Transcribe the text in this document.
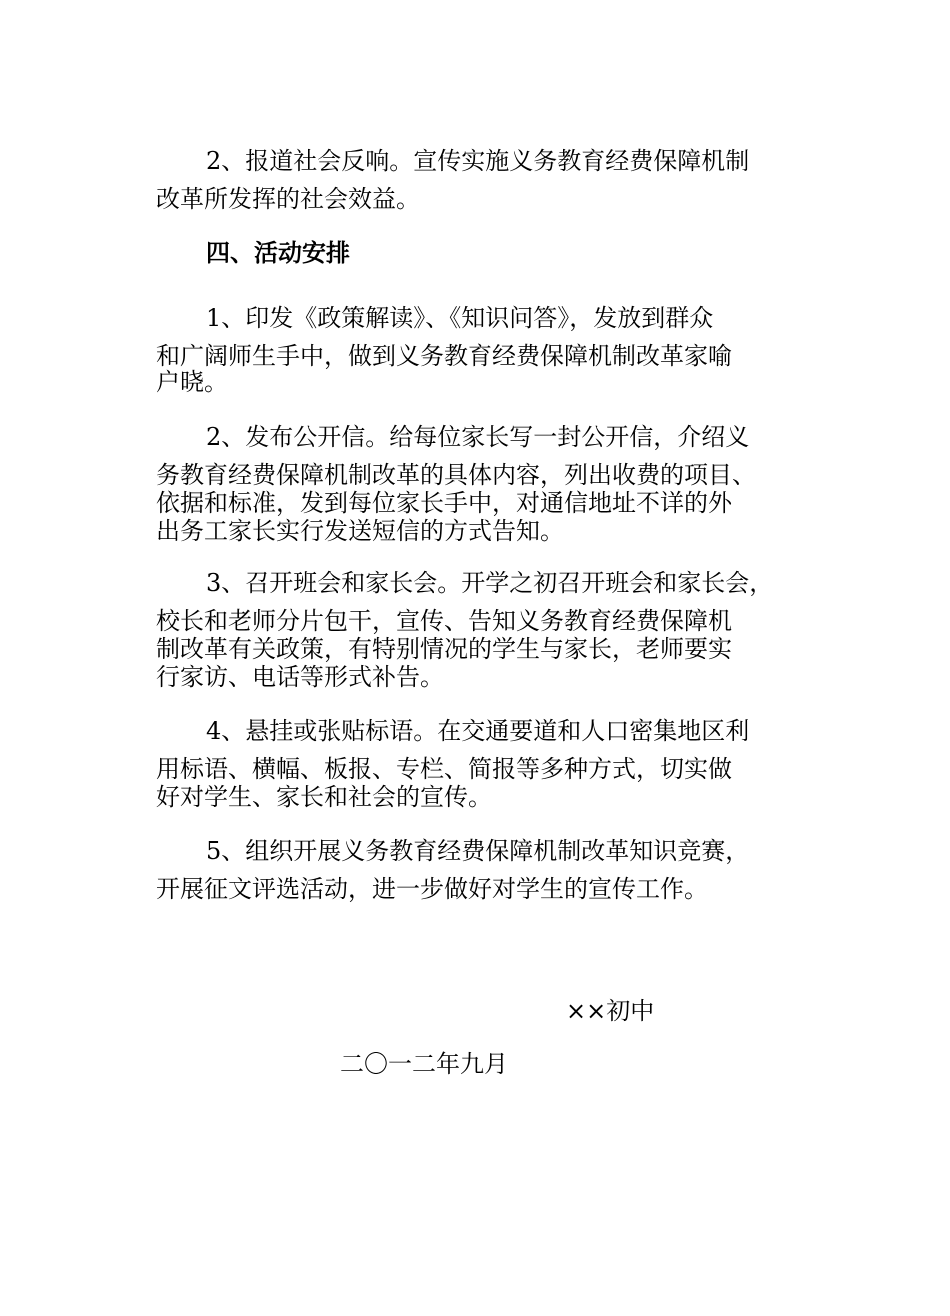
2、报道社会反响。宣传实施义务教育经费保障机制
改革所发挥的社会效益。
四、活动安排
1、印发《政策解读》、《知识问答》，发放到群众
和广阔师生手中，做到义务教育经费保障机制改革家喻
户晓。
2、发布公开信。给每位家长写一封公开信，介绍义
务教育经费保障机制改革的具体内容，列出收费的项目、
依据和标准，发到每位家长手中，对通信地址不详的外
出务工家长实行发送短信的方式告知。
3、召开班会和家长会。开学之初召开班会和家长会，
校长和老师分片包干，宣传、告知义务教育经费保障机
制改革有关政策，有特别情况的学生与家长，老师要实
行家访、电话等形式补告。
4、悬挂或张贴标语。在交通要道和人口密集地区利
用标语、横幅、板报、专栏、简报等多种方式，切实做
好对学生、家长和社会的宣传。
5、组织开展义务教育经费保障机制改革知识竞赛，
开展征文评选活动，进一步做好对学生的宣传工作。
××初中
二〇一二年九月
